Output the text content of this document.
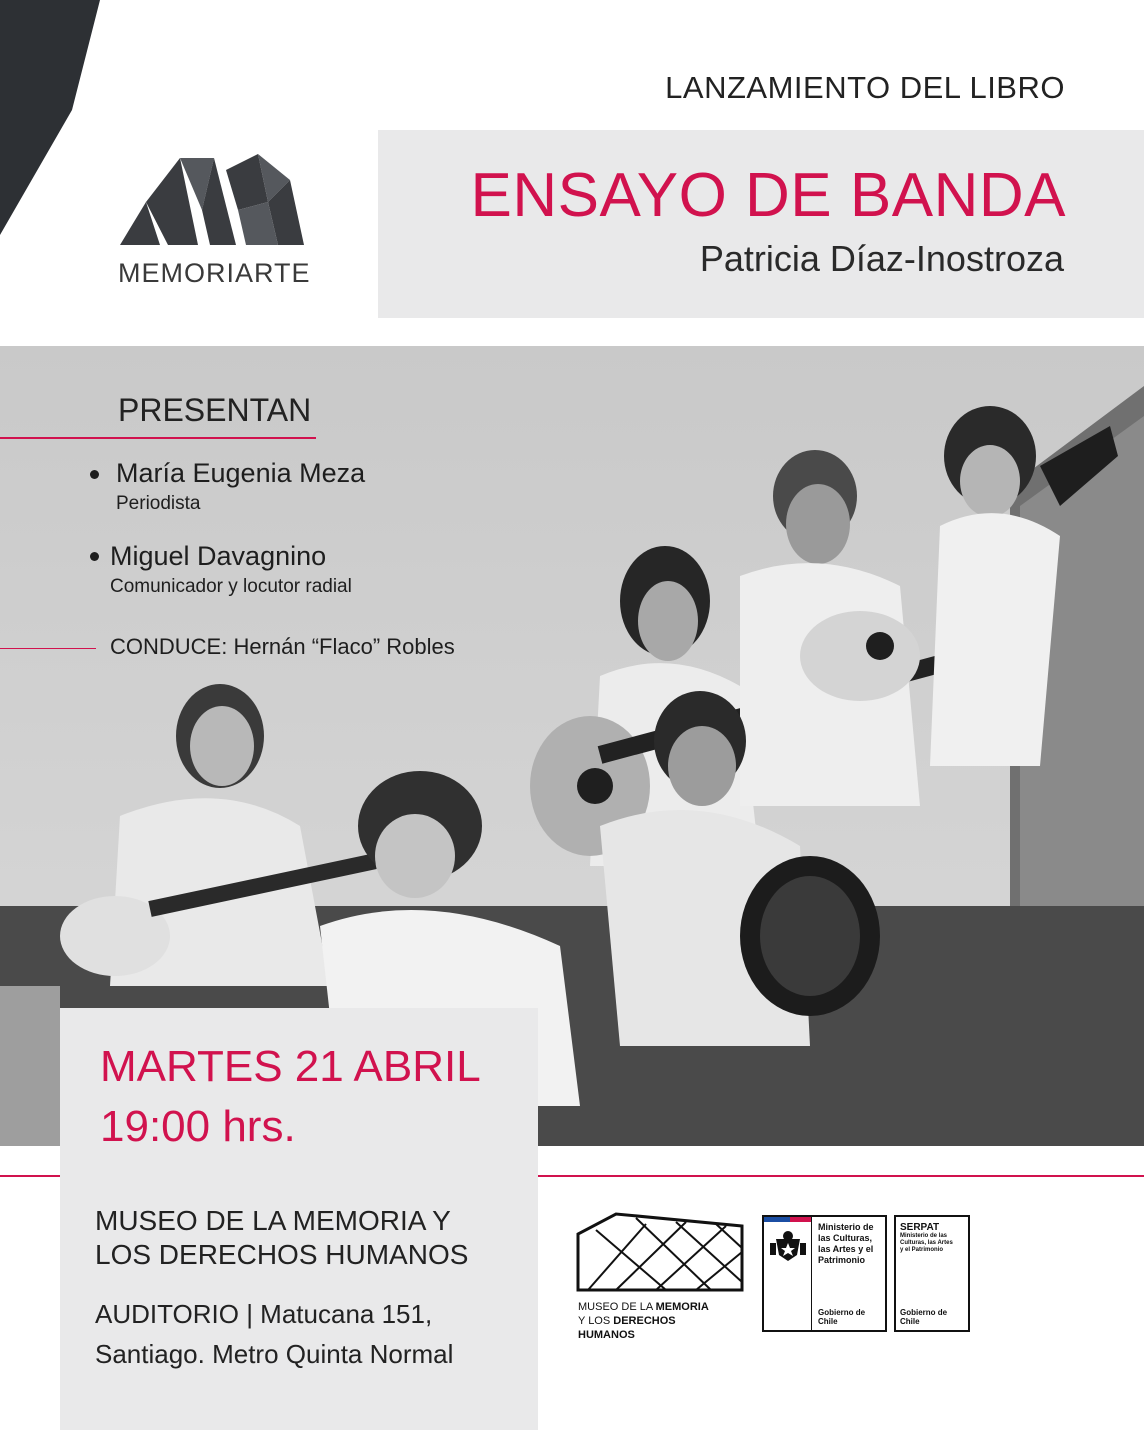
LANZAMIENTO DEL LIBRO
ENSAYO DE BANDA
Patricia Díaz-Inostroza
MEMORIARTE
PRESENTAN
María Eugenia Meza
Periodista
Miguel Davagnino
Comunicador y locutor radial
CONDUCE: Hernán “Flaco” Robles
MARTES 21 ABRIL
19:00 hrs.
MUSEO DE LA MEMORIA Y
LOS DERECHOS HUMANOS
AUDITORIO | Matucana 151,
Santiago. Metro Quinta Normal
MUSEO DE LA MEMORIA
Y LOS DERECHOS
HUMANOS
Ministerio de
las Culturas,
las Artes y el
Patrimonio
Gobierno de Chile
SERPAT
Ministerio de las
Culturas, las Artes
y el Patrimonio
Gobierno de Chile
